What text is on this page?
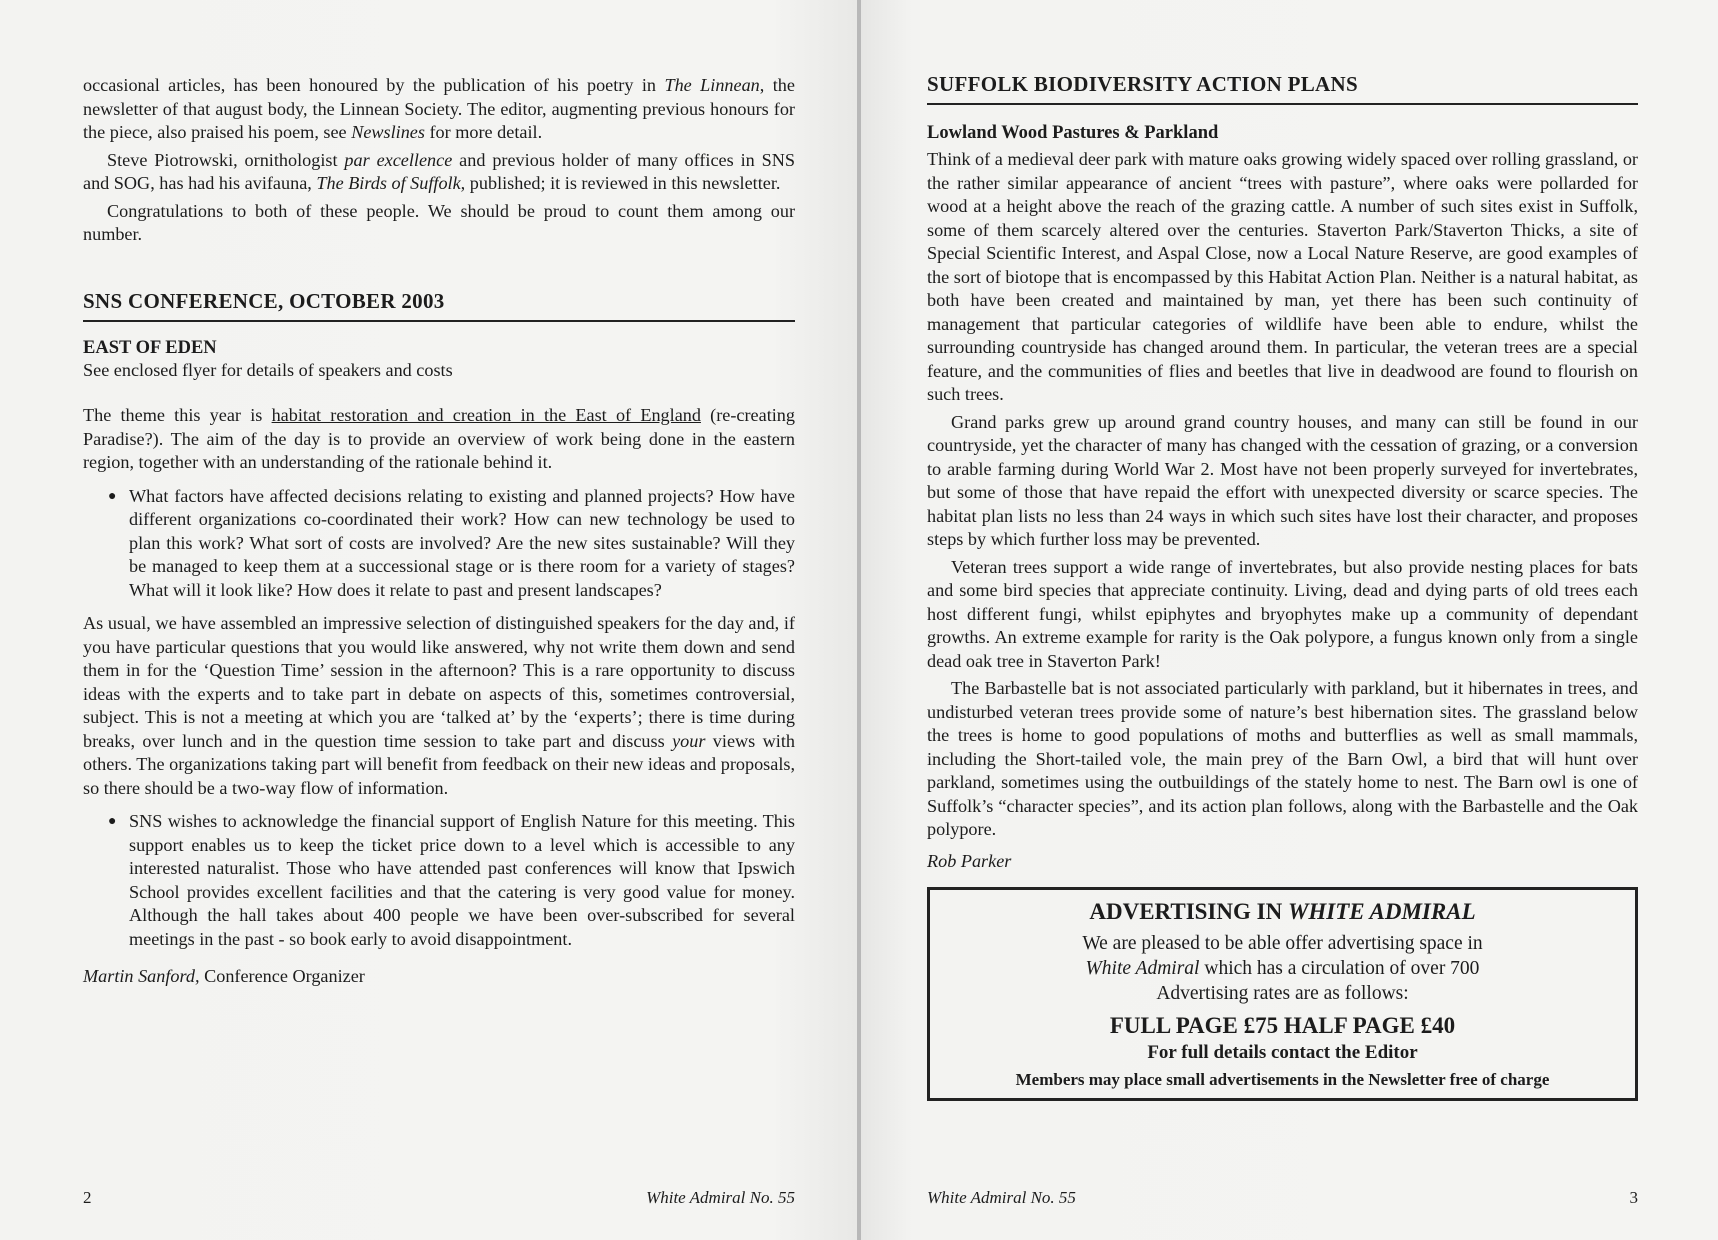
occasional articles, has been honoured by the publication of his poetry in The Linnean, the newsletter of that august body, the Linnean Society. The editor, augmenting previous honours for the piece, also praised his poem, see Newslines for more detail.

Steve Piotrowski, ornithologist par excellence and previous holder of many offices in SNS and SOG, has had his avifauna, The Birds of Suffolk, published; it is reviewed in this newsletter.

Congratulations to both of these people. We should be proud to count them among our number.

SNS CONFERENCE, OCTOBER 2003
EAST OF EDEN

See enclosed flyer for details of speakers and costs

The theme this year is habitat restoration and creation in the East of England (re-creating Paradise?). The aim of the day is to provide an overview of work being done in the eastern region, together with an understanding of the rationale behind it.

● What factors have affected decisions relating to existing and planned projects? How have different organizations co-coordinated their work? How can new technology be used to plan this work? What sort of costs are involved? Are the new sites sustainable? Will they be managed to keep them at a successional stage or is there room for a variety of stages? What will it look like? How does it relate to past and present landscapes?

As usual, we have assembled an impressive selection of distinguished speakers for the day and, if you have particular questions that you would like answered, why not write them down and send them in for the ‘Question Time’ session in the afternoon? This is a rare opportunity to discuss ideas with the experts and to take part in debate on aspects of this, sometimes controversial, subject. This is not a meeting at which you are ‘talked at’ by the ‘experts’; there is time during breaks, over lunch and in the question time session to take part and discuss your views with others. The organizations taking part will benefit from feedback on their new ideas and proposals, so there should be a two-way flow of information.

● SNS wishes to acknowledge the financial support of English Nature for this meeting. This support enables us to keep the ticket price down to a level which is accessible to any interested naturalist. Those who have attended past conferences will know that Ipswich School provides excellent facilities and that the catering is very good value for money. Although the hall takes about 400 people we have been over-subscribed for several meetings in the past - so book early to avoid disappointment.

Martin Sanford, Conference Organizer

2	White Admiral No. 55
SUFFOLK BIODIVERSITY ACTION PLANS
Lowland Wood Pastures & Parkland

Think of a medieval deer park with mature oaks growing widely spaced over rolling grassland, or the rather similar appearance of ancient “trees with pasture”, where oaks were pollarded for wood at a height above the reach of the grazing cattle. A number of such sites exist in Suffolk, some of them scarcely altered over the centuries. Staverton Park/Staverton Thicks, a site of Special Scientific Interest, and Aspal Close, now a Local Nature Reserve, are good examples of the sort of biotope that is encompassed by this Habitat Action Plan. Neither is a natural habitat, as both have been created and maintained by man, yet there has been such continuity of management that particular categories of wildlife have been able to endure, whilst the surrounding countryside has changed around them. In particular, the veteran trees are a special feature, and the communities of flies and beetles that live in deadwood are found to flourish on such trees.

Grand parks grew up around grand country houses, and many can still be found in our countryside, yet the character of many has changed with the cessation of grazing, or a conversion to arable farming during World War 2. Most have not been properly surveyed for invertebrates, but some of those that have repaid the effort with unexpected diversity or scarce species. The habitat plan lists no less than 24 ways in which such sites have lost their character, and proposes steps by which further loss may be prevented.

Veteran trees support a wide range of invertebrates, but also provide nesting places for bats and some bird species that appreciate continuity. Living, dead and dying parts of old trees each host different fungi, whilst epiphytes and bryophytes make up a community of dependant growths. An extreme example for rarity is the Oak polypore, a fungus known only from a single dead oak tree in Staverton Park!

The Barbastelle bat is not associated particularly with parkland, but it hibernates in trees, and undisturbed veteran trees provide some of nature’s best hibernation sites. The grassland below the trees is home to good populations of moths and butterflies as well as small mammals, including the Short-tailed vole, the main prey of the Barn Owl, a bird that will hunt over parkland, sometimes using the outbuildings of the stately home to nest. The Barn owl is one of Suffolk’s “character species”, and its action plan follows, along with the Barbastelle and the Oak polypore.

Rob Parker

ADVERTISING IN WHITE ADMIRAL
We are pleased to be able offer advertising space in
White Admiral which has a circulation of over 700
Advertising rates are as follows:
FULL PAGE £75 HALF PAGE £40
For full details contact the Editor
Members may place small advertisements in the Newsletter free of charge
White Admiral No. 55	3
